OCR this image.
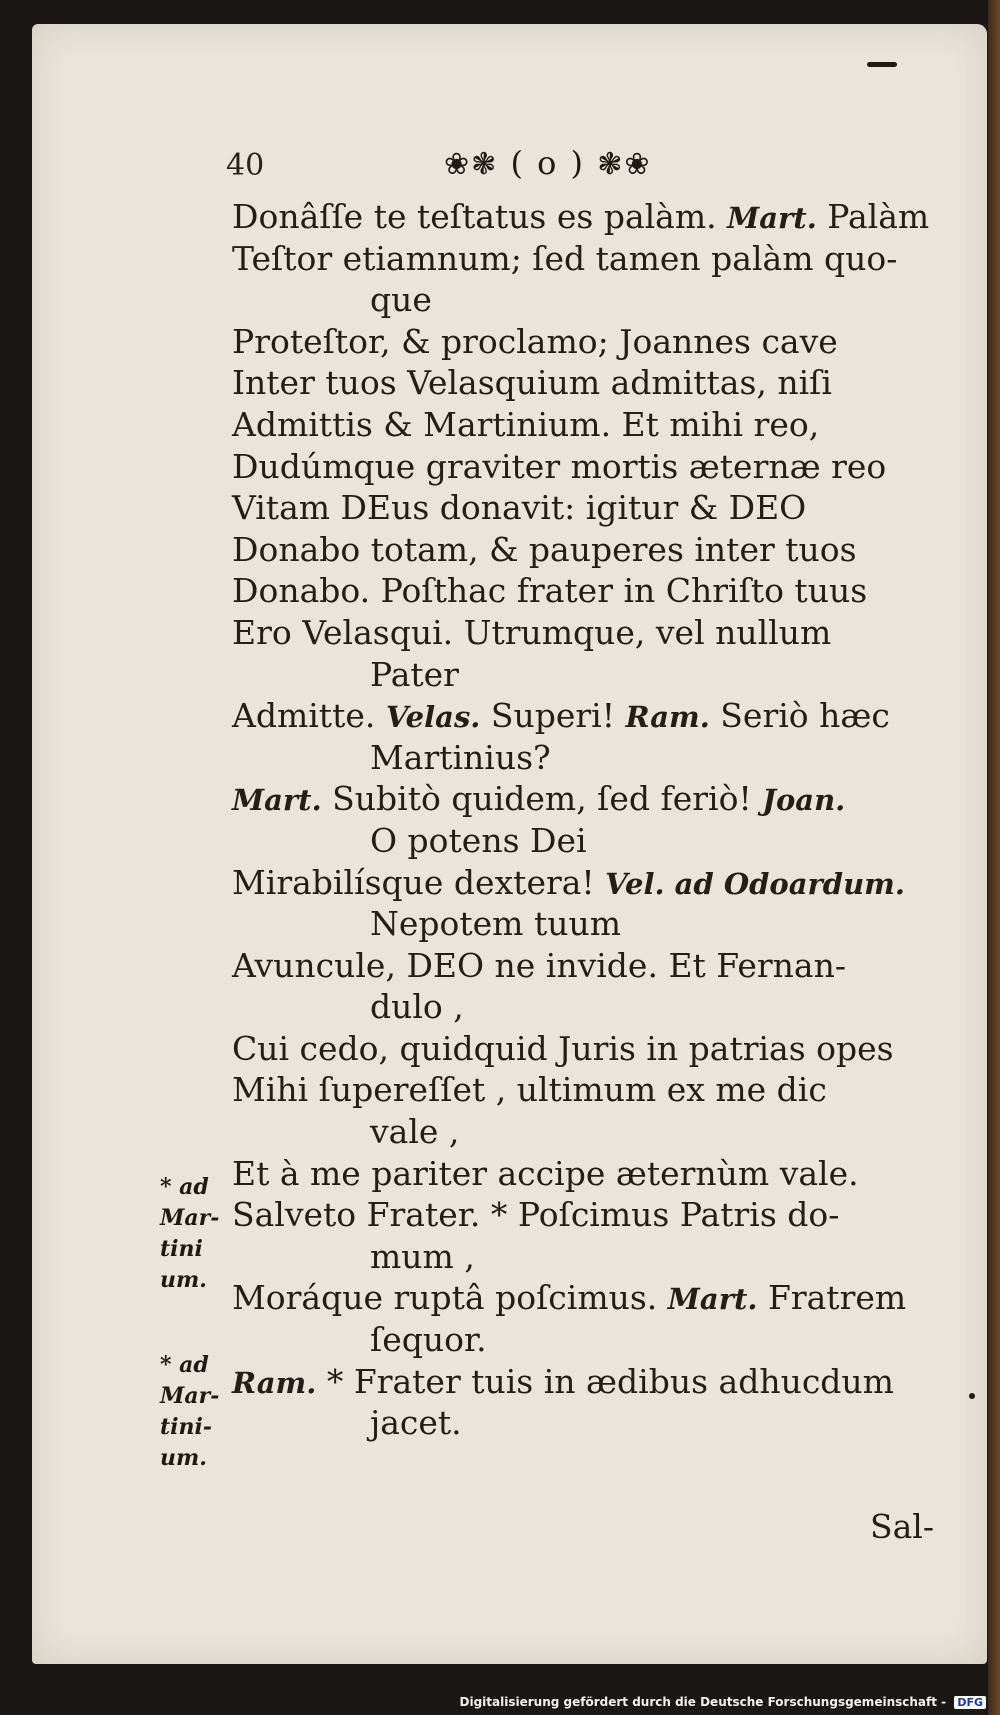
40	❀❃ ( o ) ❃❀
Donâſſe te teſtatus es palàm. Mart. Palàm
Teſtor etiamnum; ſed tamen palàm quo-
que
Proteſtor, & proclamo; Joannes cave
Inter tuos Velasquium admittas, niſi
Admittis & Martinium. Et mihi reo,
Dudúmque graviter mortis æternæ reo
Vitam DEus donavit: igitur & DEO
Donabo totam, & pauperes inter tuos
Donabo. Poſthac frater in Chriſto tuus
Ero Velasqui. Utrumque, vel nullum
Pater
Admitte. Velas. Superi! Ram. Seriò hæc
Martinius?
Mart. Subitò quidem, ſed feriò! Joan.
O potens Dei
Mirabilísque dextera! Vel. ad Odoardum.
Nepotem tuum
Avuncule, DEO ne invide. Et Fernan-
dulo ,
Cui cedo, quidquid Juris in patrias opes
Mihi ſupereſſet , ultimum ex me dic
vale ,
Et à me pariter accipe æternùm vale.
Salveto Frater. * Poſcimus Patris do-
mum ,
Moráque ruptâ poſcimus. Mart. Fratrem
ſequor.
Ram. * Frater tuis in ædibus adhucdum
jacet.
* ad
Mar-
tini
um.
* ad
Mar-
tini-
um.
Sal-
Digitalisierung gefördert durch die Deutsche Forschungsgemeinschaft - DFG
